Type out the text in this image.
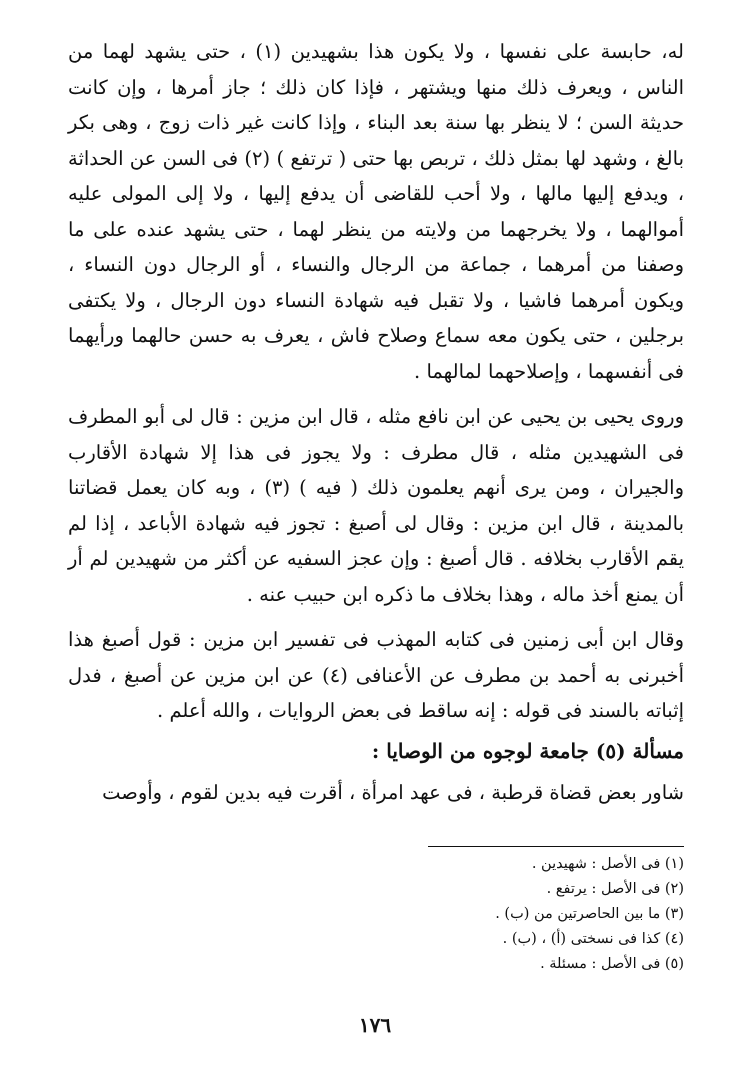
له، حابسة على نفسها ، ولا يكون هذا بشهيدين (١) ، حتى يشهد لهما من الناس ، ويعرف ذلك منها ويشتهر ، فإذا كان ذلك ؛ جاز أمرها ، وإن كانت حديثة السن ؛ لا ينظر بها سنة بعد البناء ، وإذا كانت غير ذات زوج ، وهى بكر بالغ ، وشهد لها بمثل ذلك ، تربص بها حتى ( ترتفع ) (٢) فى السن عن الحداثة ، ويدفع إليها مالها ، ولا أحب للقاضى أن يدفع إليها ، ولا إلى المولى عليه أموالهما ، ولا يخرجهما من ولايته من ينظر لهما ، حتى يشهد عنده على ما وصفنا من أمرهما ، جماعة من الرجال والنساء ، أو الرجال دون النساء ، ويكون أمرهما فاشيا ، ولا تقبل فيه شهادة النساء دون الرجال ، ولا يكتفى برجلين ، حتى يكون معه سماع وصلاح فاش ، يعرف به حسن حالهما ورأيهما فى أنفسهما ، وإصلاحهما لمالهما .

وروى يحيى بن يحيى عن ابن نافع مثله ، قال ابن مزين : قال لى أبو المطرف فى الشهيدين مثله ، قال مطرف : ولا يجوز فى هذا إلا شهادة الأقارب والجيران ، ومن يرى أنهم يعلمون ذلك ( فيه ) (٣) ، وبه كان يعمل قضاتنا بالمدينة ، قال ابن مزين : وقال لى أصبغ : تجوز فيه شهادة الأباعد ، إذا لم يقم الأقارب بخلافه . قال أصبغ : وإن عجز السفيه عن أكثر من شهيدين لم أر أن يمنع أخذ ماله ، وهذا بخلاف ما ذكره ابن حبيب عنه .

وقال ابن أبى زمنين فى كتابه المهذب فى تفسير ابن مزين : قول أصبغ هذا أخبرنى به أحمد بن مطرف عن الأعنافى (٤) عن ابن مزين عن أصبغ ، فدل إثباته بالسند فى قوله : إنه ساقط فى بعض الروايات ، والله أعلم .

مسألة (٥) جامعة لوجوه من الوصايا :

شاور بعض قضاة قرطبة ، فى عهد امرأة ، أقرت فيه بدين لقوم ، وأوصت

(١) فى الأصل : شهيدين .
(٢) فى الأصل : يرتفع .
(٣) ما بين الحاصرتين من (ب) .
(٤) كذا فى نسختى (أ) ، (ب) .
(٥) فى الأصل : مسئلة .
١٧٦
